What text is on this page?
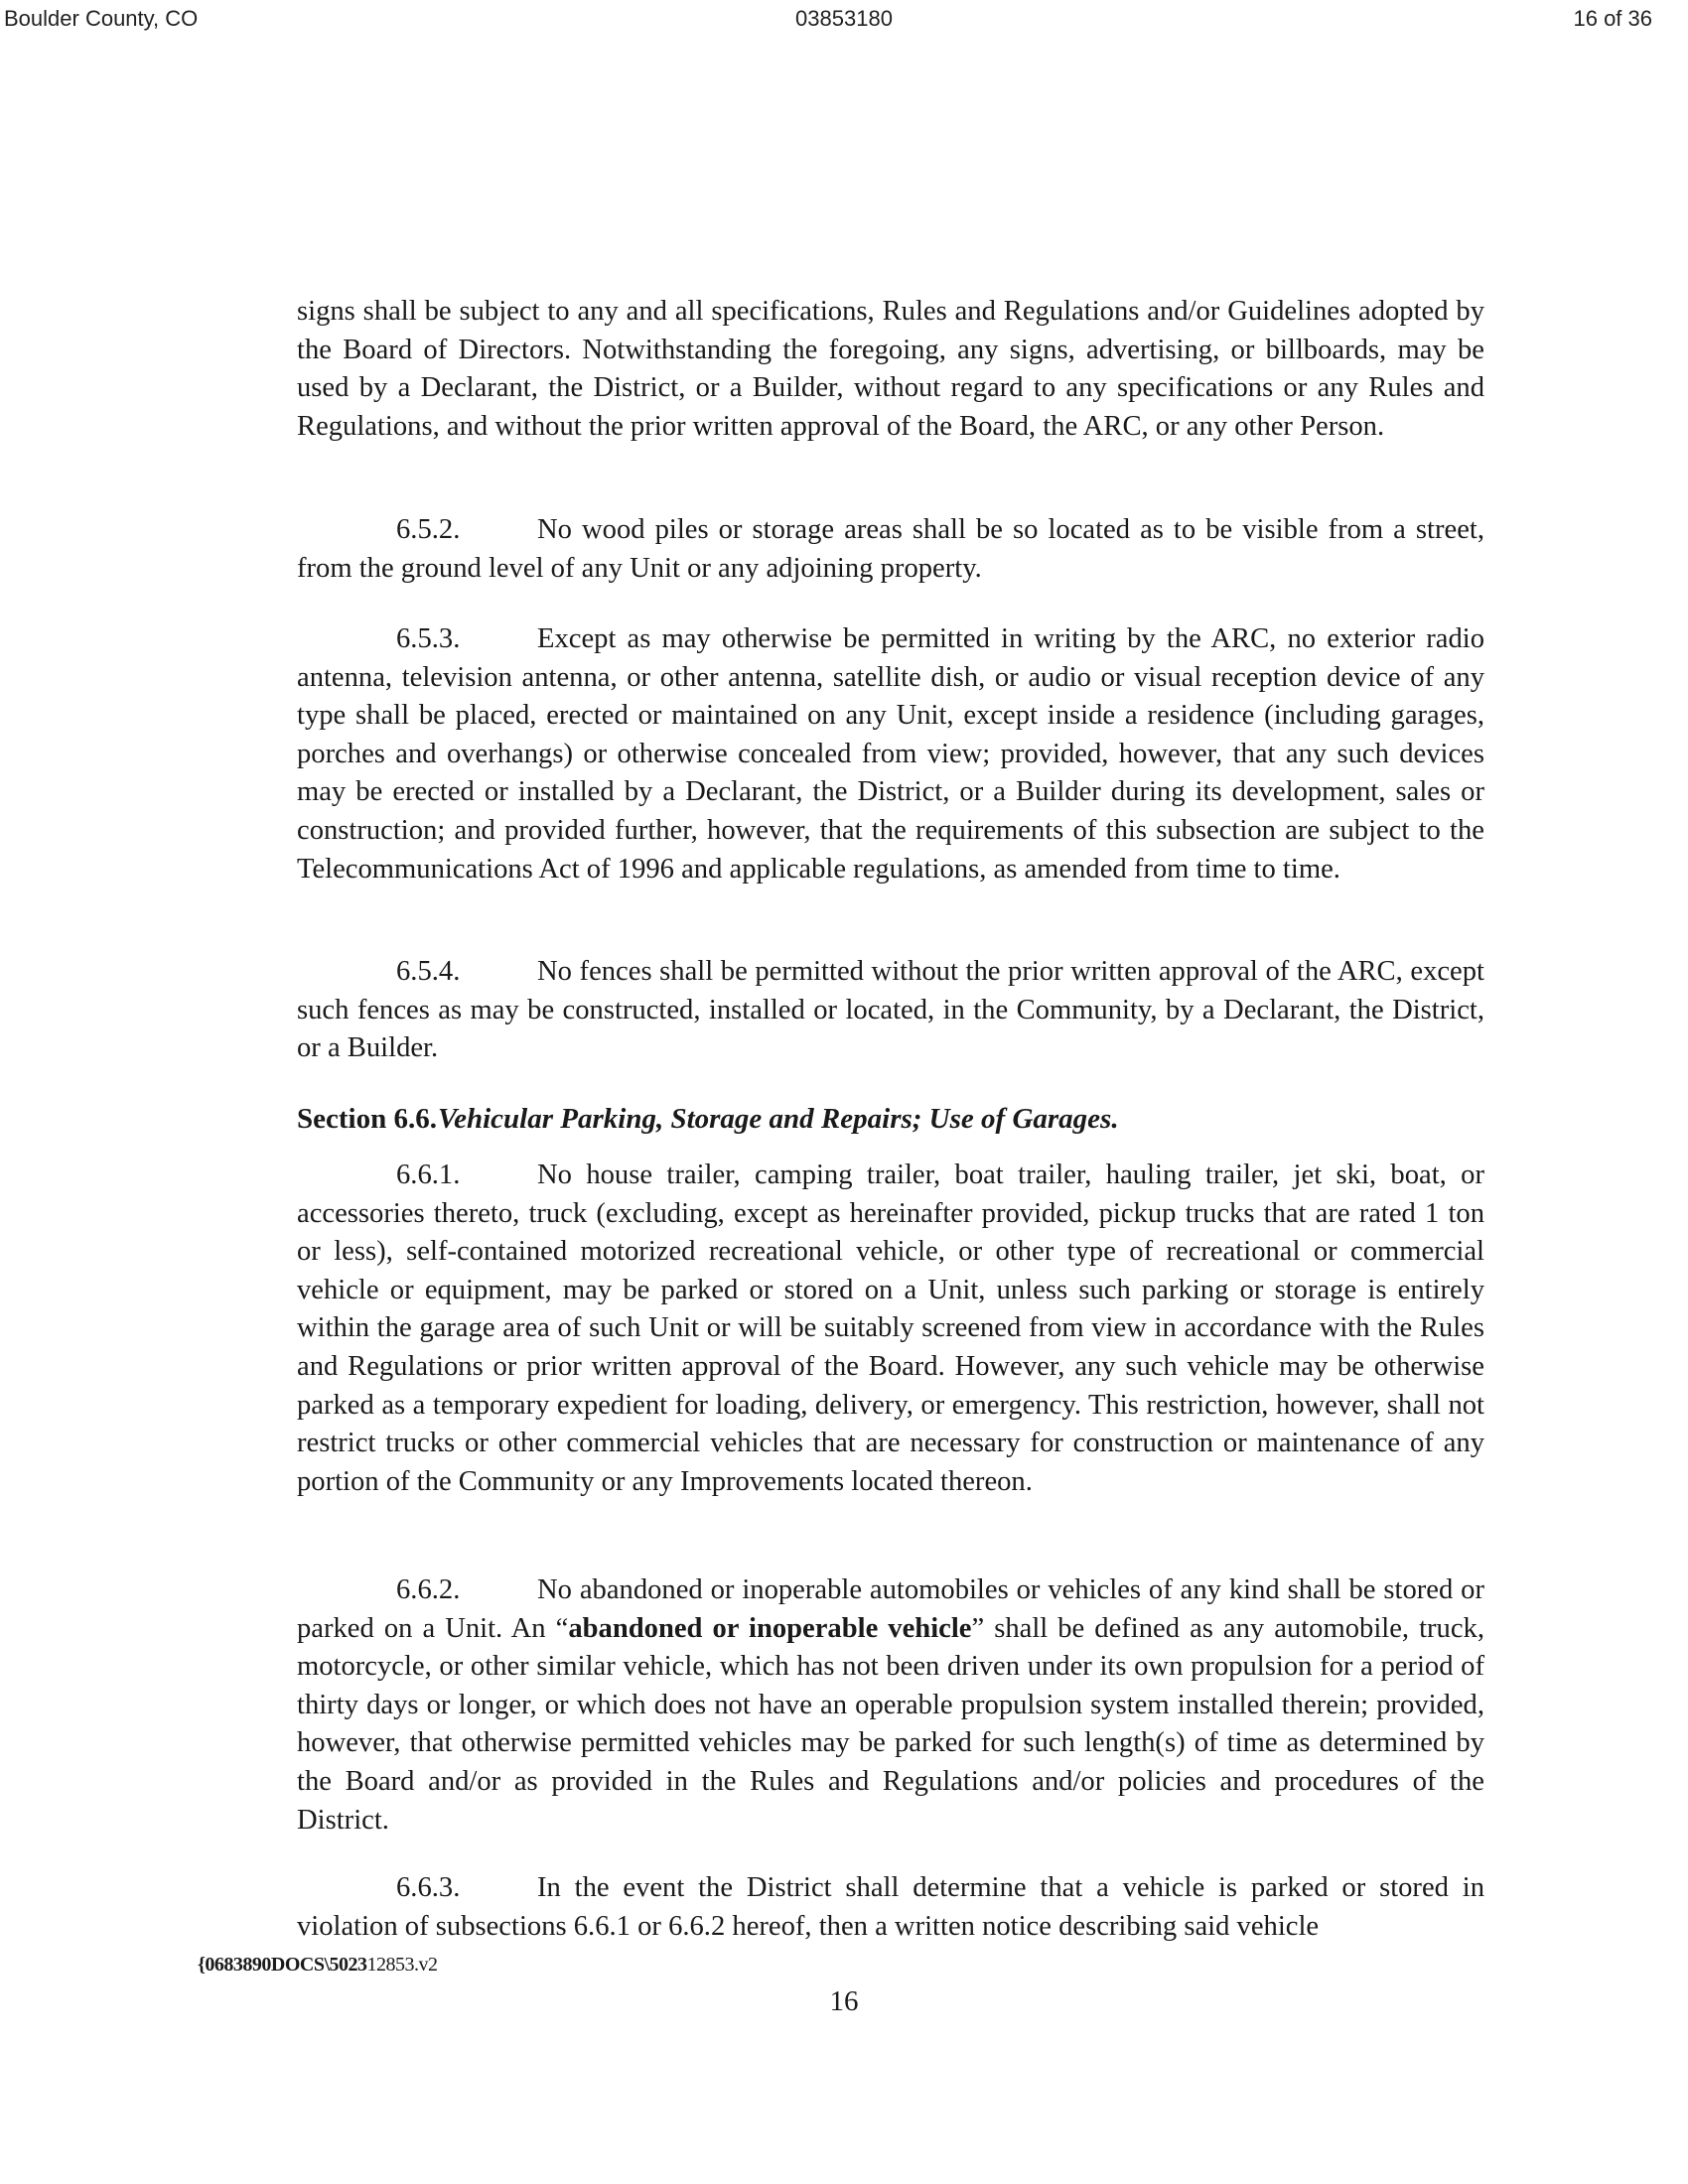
Boulder County, CO	03853180	16 of 36

signs shall be subject to any and all specifications, Rules and Regulations and/or Guidelines adopted by the Board of Directors. Notwithstanding the foregoing, any signs, advertising, or billboards, may be used by a Declarant, the District, or a Builder, without regard to any specifications or any Rules and Regulations, and without the prior written approval of the Board, the ARC, or any other Person.

6.5.2.	No wood piles or storage areas shall be so located as to be visible from a street, from the ground level of any Unit or any adjoining property.

6.5.3.	Except as may otherwise be permitted in writing by the ARC, no exterior radio antenna, television antenna, or other antenna, satellite dish, or audio or visual reception device of any type shall be placed, erected or maintained on any Unit, except inside a residence (including garages, porches and overhangs) or otherwise concealed from view; provided, however, that any such devices may be erected or installed by a Declarant, the District, or a Builder during its development, sales or construction; and provided further, however, that the requirements of this subsection are subject to the Telecommunications Act of 1996 and applicable regulations, as amended from time to time.

6.5.4.	No fences shall be permitted without the prior written approval of the ARC, except such fences as may be constructed, installed or located, in the Community, by a Declarant, the District, or a Builder.

Section 6.6.Vehicular Parking, Storage and Repairs; Use of Garages.

6.6.1.	No house trailer, camping trailer, boat trailer, hauling trailer, jet ski, boat, or accessories thereto, truck (excluding, except as hereinafter provided, pickup trucks that are rated 1 ton or less), self-contained motorized recreational vehicle, or other type of recreational or commercial vehicle or equipment, may be parked or stored on a Unit, unless such parking or storage is entirely within the garage area of such Unit or will be suitably screened from view in accordance with the Rules and Regulations or prior written approval of the Board. However, any such vehicle may be otherwise parked as a temporary expedient for loading, delivery, or emergency. This restriction, however, shall not restrict trucks or other commercial vehicles that are necessary for construction or maintenance of any portion of the Community or any Improvements located thereon.

6.6.2.	No abandoned or inoperable automobiles or vehicles of any kind shall be stored or parked on a Unit. An “abandoned or inoperable vehicle” shall be defined as any automobile, truck, motorcycle, or other similar vehicle, which has not been driven under its own propulsion for a period of thirty days or longer, or which does not have an operable propulsion system installed therein; provided, however, that otherwise permitted vehicles may be parked for such length(s) of time as determined by the Board and/or as provided in the Rules and Regulations and/or policies and procedures of the District.

6.6.3.	In the event the District shall determine that a vehicle is parked or stored in violation of subsections 6.6.1 or 6.6.2 hereof, then a written notice describing said vehicle

{0683890DOCS\502312853.v2
16
